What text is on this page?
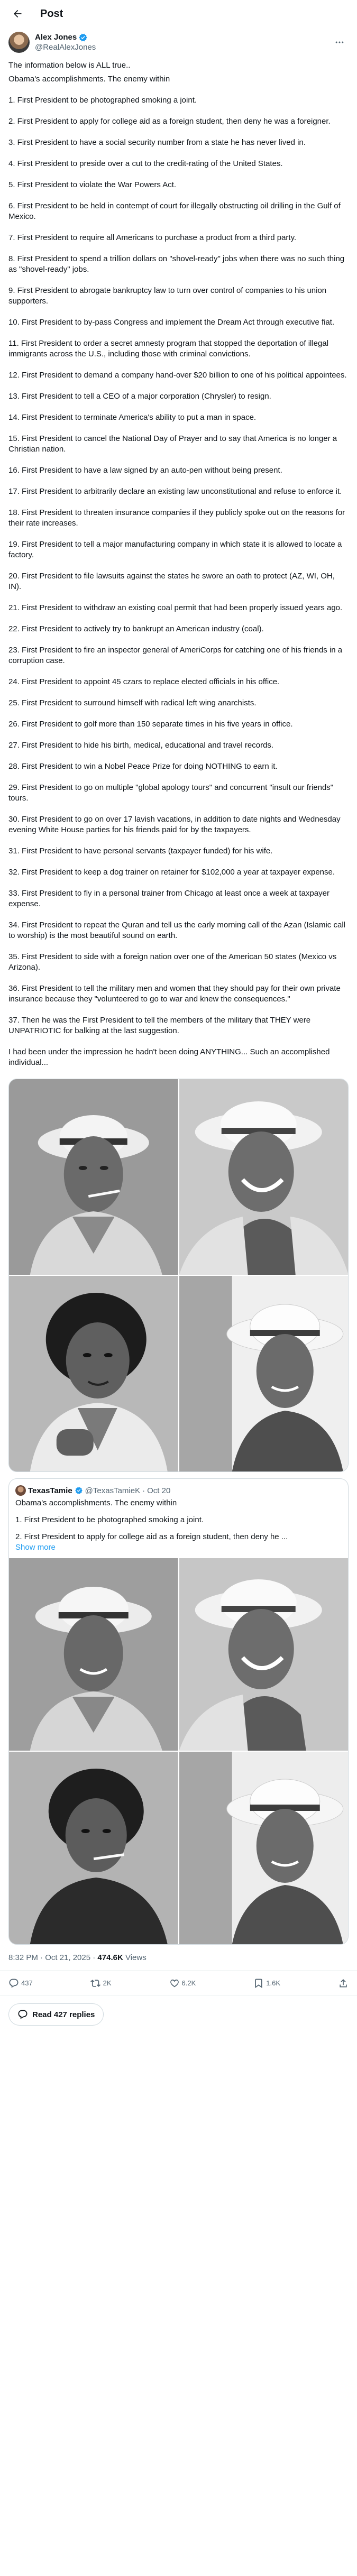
Post
Alex Jones
@RealAlexJones

The information below is ALL true..

Obama's accomplishments. The enemy within

1. First President to be photographed smoking a joint.

2. First President to apply for college aid as a foreign student, then deny he was a foreigner.

3. First President to have a social security number from a state he has never lived in.

4. First President to preside over a cut to the credit-rating of the United States.

5. First President to violate the War Powers Act.

6. First President to be held in contempt of court for illegally obstructing oil drilling in the Gulf of Mexico.

7. First President to require all Americans to purchase a product from a third party.

8. First President to spend a trillion dollars on "shovel-ready" jobs when there was no such thing as "shovel-ready" jobs.

9. First President to abrogate bankruptcy law to turn over control of companies to his union supporters.

10. First President to by-pass Congress and implement the Dream Act through executive fiat.

11. First President to order a secret amnesty program that stopped the deportation of illegal immigrants across the U.S., including those with criminal convictions.

12. First President to demand a company hand-over $20 billion to one of his political appointees.

13. First President to tell a CEO of a major corporation (Chrysler) to resign.

14. First President to terminate America's ability to put a man in space.

15. First President to cancel the National Day of Prayer and to say that America is no longer a Christian nation.

16. First President to have a law signed by an auto-pen without being present.

17. First President to arbitrarily declare an existing law unconstitutional and refuse to enforce it.

18. First President to threaten insurance companies if they publicly spoke out on the reasons for their rate increases.

19. First President to tell a major manufacturing company in which state it is allowed to locate a factory.

20. First President to file lawsuits against the states he swore an oath to protect (AZ, WI, OH, IN).

21. First President to withdraw an existing coal permit that had been properly issued years ago.

22. First President to actively try to bankrupt an American industry (coal).

23. First President to fire an inspector general of AmeriCorps for catching one of his friends in a corruption case.

24. First President to appoint 45 czars to replace elected officials in his office.

25. First President to surround himself with radical left wing anarchists.

26. First President to golf more than 150 separate times in his five years in office.

27. First President to hide his birth, medical, educational and travel records.

28. First President to win a Nobel Peace Prize for doing NOTHING to earn it.

29. First President to go on multiple "global apology tours" and concurrent "insult our friends" tours.

30. First President to go on over 17 lavish vacations, in addition to date nights and Wednesday evening White House parties for his friends paid for by the taxpayers.

31. First President to have personal servants (taxpayer funded) for his wife.

32. First President to keep a dog trainer on retainer for $102,000 a year at taxpayer expense.

33. First President to fly in a personal trainer from Chicago at least once a week at taxpayer expense.

34. First President to repeat the Quran and tell us the early morning call of the Azan (Islamic call to worship) is the most beautiful sound on earth.

35. First President to side with a foreign nation over one of the American 50 states (Mexico vs Arizona).

36. First President to tell the military men and women that they should pay for their own private insurance because they "volunteered to go to war and knew the consequences."

37. Then he was the First President to tell the members of the military that THEY were UNPATRIOTIC for balking at the last suggestion.

I had been under the impression he hadn't been doing ANYTHING... Such an accomplished individual...

TexasTamie @TexasTamieK · Oct 20

Obama's accomplishments. The enemy within

1. First President to be photographed smoking a joint.

2. First President to apply for college aid as a foreign student, then deny he ...

Show more
8:32 PM · Oct 21, 2025 · 474.6K Views
437	2K	6.2K	1.6K
Read 427 replies
